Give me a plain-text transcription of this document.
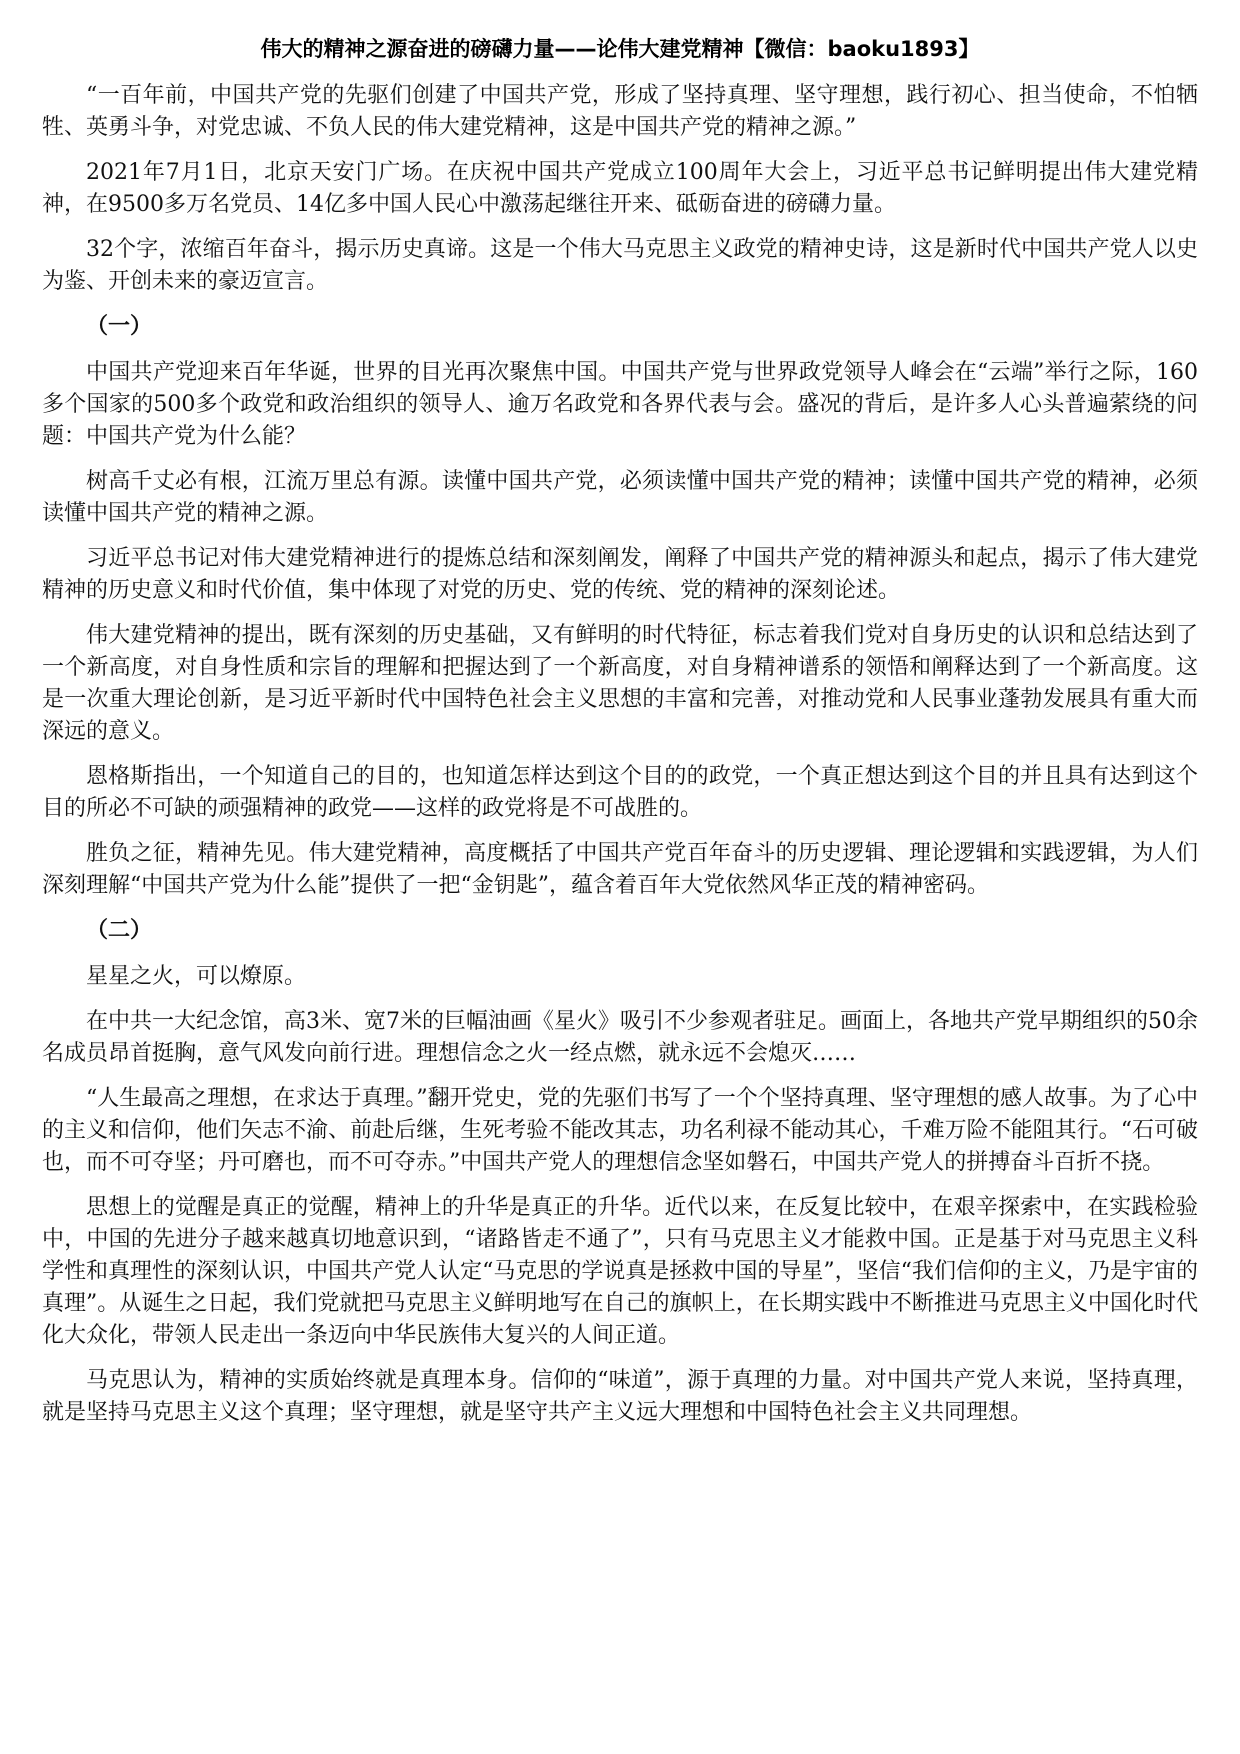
伟大的精神之源奋进的磅礴力量——论伟大建党精神【微信：baoku1893】

“一百年前，中国共产党的先驱们创建了中国共产党，形成了坚持真理、坚守理想，践行初心、担当使命，不怕牺牲、英勇斗争，对党忠诚、不负人民的伟大建党精神，这是中国共产党的精神之源。”

2021年7月1日，北京天安门广场。在庆祝中国共产党成立100周年大会上，习近平总书记鲜明提出伟大建党精神，在9500多万名党员、14亿多中国人民心中激荡起继往开来、砥砺奋进的磅礴力量。

32个字，浓缩百年奋斗，揭示历史真谛。这是一个伟大马克思主义政党的精神史诗，这是新时代中国共产党人以史为鉴、开创未来的豪迈宣言。

（一）

中国共产党迎来百年华诞，世界的目光再次聚焦中国。中国共产党与世界政党领导人峰会在“云端”举行之际，160多个国家的500多个政党和政治组织的领导人、逾万名政党和各界代表与会。盛况的背后，是许多人心头普遍萦绕的问题：中国共产党为什么能？

树高千丈必有根，江流万里总有源。读懂中国共产党，必须读懂中国共产党的精神；读懂中国共产党的精神，必须读懂中国共产党的精神之源。

习近平总书记对伟大建党精神进行的提炼总结和深刻阐发，阐释了中国共产党的精神源头和起点，揭示了伟大建党精神的历史意义和时代价值，集中体现了对党的历史、党的传统、党的精神的深刻论述。

伟大建党精神的提出，既有深刻的历史基础，又有鲜明的时代特征，标志着我们党对自身历史的认识和总结达到了一个新高度，对自身性质和宗旨的理解和把握达到了一个新高度，对自身精神谱系的领悟和阐释达到了一个新高度。这是一次重大理论创新，是习近平新时代中国特色社会主义思想的丰富和完善，对推动党和人民事业蓬勃发展具有重大而深远的意义。

恩格斯指出，一个知道自己的目的，也知道怎样达到这个目的的政党，一个真正想达到这个目的并且具有达到这个目的所必不可缺的顽强精神的政党——这样的政党将是不可战胜的。

胜负之征，精神先见。伟大建党精神，高度概括了中国共产党百年奋斗的历史逻辑、理论逻辑和实践逻辑，为人们深刻理解“中国共产党为什么能”提供了一把“金钥匙”，蕴含着百年大党依然风华正茂的精神密码。

（二）

星星之火，可以燎原。

在中共一大纪念馆，高3米、宽7米的巨幅油画《星火》吸引不少参观者驻足。画面上，各地共产党早期组织的50余名成员昂首挺胸，意气风发向前行进。理想信念之火一经点燃，就永远不会熄灭……

“人生最高之理想，在求达于真理。”翻开党史，党的先驱们书写了一个个坚持真理、坚守理想的感人故事。为了心中的主义和信仰，他们矢志不渝、前赴后继，生死考验不能改其志，功名利禄不能动其心，千难万险不能阻其行。“石可破也，而不可夺坚；丹可磨也，而不可夺赤。”中国共产党人的理想信念坚如磐石，中国共产党人的拼搏奋斗百折不挠。

思想上的觉醒是真正的觉醒，精神上的升华是真正的升华。近代以来，在反复比较中，在艰辛探索中，在实践检验中，中国的先进分子越来越真切地意识到，“诸路皆走不通了”，只有马克思主义才能救中国。正是基于对马克思主义科学性和真理性的深刻认识，中国共产党人认定“马克思的学说真是拯救中国的导星”，坚信“我们信仰的主义，乃是宇宙的真理”。从诞生之日起，我们党就把马克思主义鲜明地写在自己的旗帜上，在长期实践中不断推进马克思主义中国化时代化大众化，带领人民走出一条迈向中华民族伟大复兴的人间正道。

马克思认为，精神的实质始终就是真理本身。信仰的“味道”，源于真理的力量。对中国共产党人来说，坚持真理，就是坚持马克思主义这个真理；坚守理想，就是坚守共产主义远大理想和中国特色社会主义共同理想。
